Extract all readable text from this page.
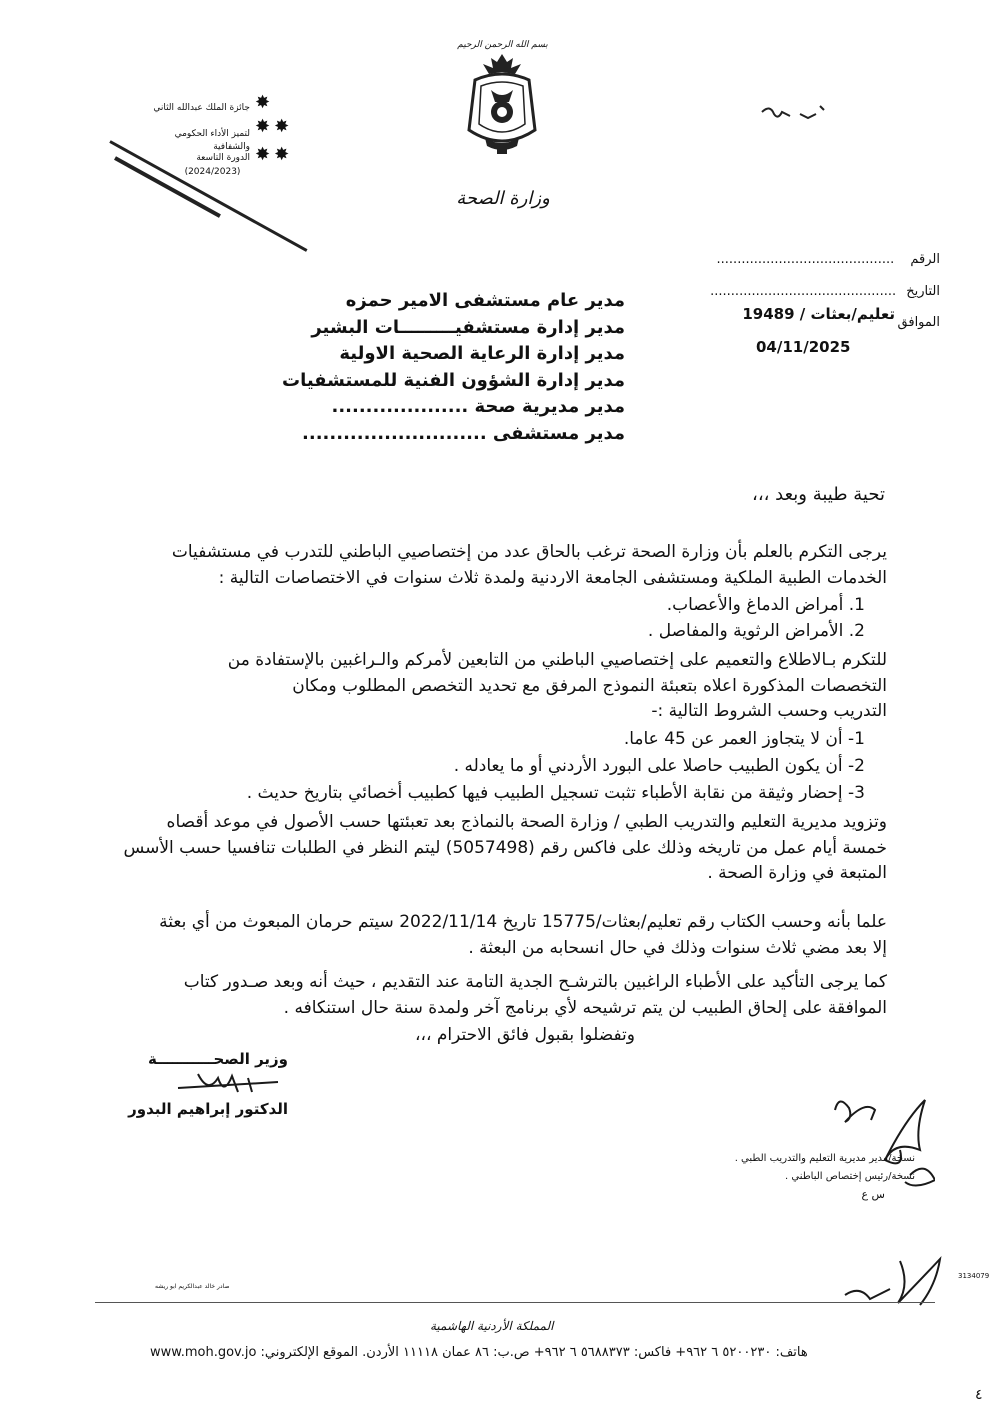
بسم الله الرحمن الرحيم
وزارة الصحة
جائزة الملك عبدالله الثاني
لتميز الأداء الحكومي والشفافية
الدورة التاسعة
(2024/2023)
✸
✸✸
✸✸
الرقم ...........................................
التاريخ .............................................
الموافق
تعليم/بعثات / 19489
04/11/2025
مدير عام مستشفى الامير حمزه
مدير إدارة مستشفيـــــــــات البشير
مدير إدارة الرعاية الصحية الاولية
مدير إدارة الشؤون الفنية للمستشفيات
مدير مديرية صحة ....................
مدير مستشفى ...........................
تحية طيبة وبعد ،،،
يرجى التكرم بالعلم بأن وزارة الصحة ترغب بالحاق عدد من إختصاصيي الباطني للتدرب في مستشفيات
الخدمات الطبية الملكية ومستشفى الجامعة الاردنية ولمدة ثلاث سنوات في الاختصاصات التالية :
1. أمراض الدماغ والأعصاب.
2. الأمراض الرثوية والمفاصل .
للتكرم بـالاطلاع والتعميم على إختصاصيي الباطني من التابعين لأمركم والـراغبين بالإستفادة من
التخصصات المذكورة اعلاه بتعبئة النموذج المرفق مع تحديد التخصص المطلوب ومكان
التدريب وحسب الشروط التالية :-
1- أن لا يتجاوز العمر عن 45 عاما.
2- أن يكون الطبيب حاصلا على البورد الأردني أو ما يعادله .
3- إحضار وثيقة من نقابة الأطباء تثبت تسجيل الطبيب فيها كطبيب أخصائي بتاريخ حديث .
وتزويد مديرية التعليم والتدريب الطبي / وزارة الصحة بالنماذج بعد تعبئتها حسب الأصول في موعد أقصاه
خمسة أيام عمل من تاريخه وذلك على فاكس رقم (5057498) ليتم النظر في الطلبات تنافسيا حسب الأسس
المتبعة في وزارة الصحة .
علما بأنه وحسب الكتاب رقم تعليم/بعثات/15775 تاريخ 2022/11/14 سيتم حرمان المبعوث من أي بعثة
إلا بعد مضي ثلاث سنوات وذلك في حال انسحابه من البعثة .
كما يرجى التأكيد على الأطباء الراغبين بالترشـح الجدية التامة عند التقديم ، حيث أنه وبعد صـدور كتاب
الموافقة على إلحاق الطبيب لن يتم ترشيحه لأي برنامج آخر ولمدة سنة حال استنكافه .
وتفضلوا بقبول فائق الاحترام ،،،
وزير الصحـــــــــــة
الدكتور إبراهيم البدور
نسخة/مدير مديرية التعليم والتدريب الطبي .
نسخة/رئيس إختصاص الباطني .
س ع
صادر خالد عبدالكريم ابو ريشه
3134079
المملكة الأردنية الهاشمية
هاتف: ٥٢٠٠٢٣٠ ٦ ٩٦٢+ فاكس: ٥٦٨٨٣٧٣ ٦ ٩٦٢+ ص.ب: ٨٦ عمان ١١١١٨ الأردن. الموقع الإلكتروني: www.moh.gov.jo
٤
